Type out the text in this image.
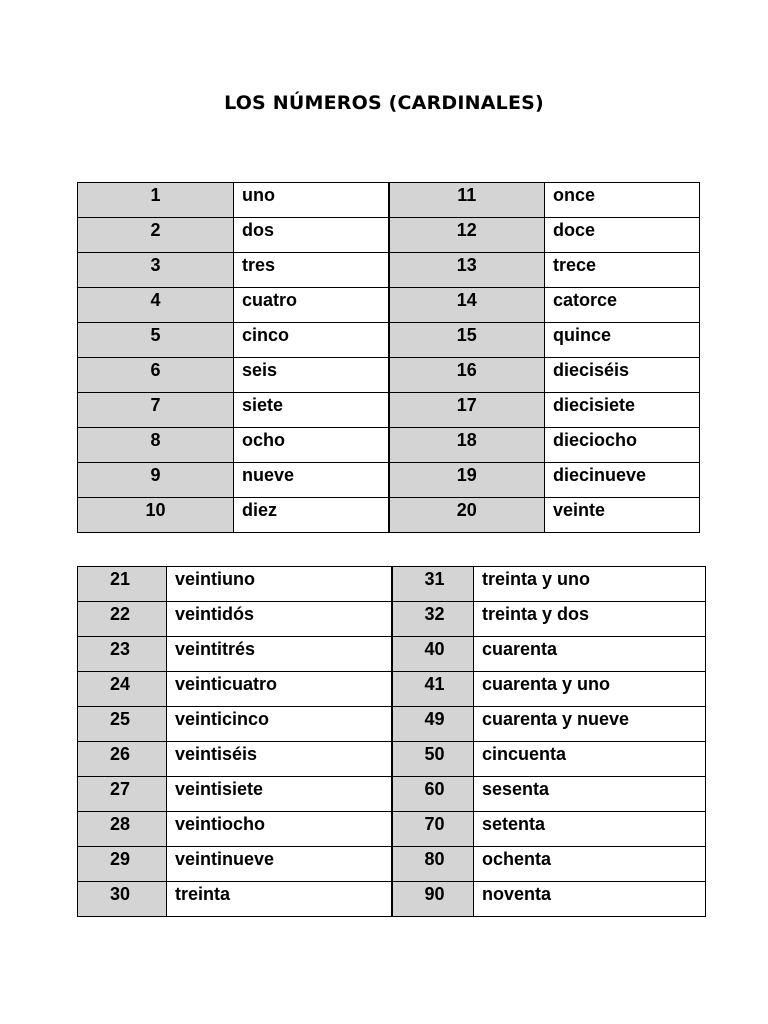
LOS NÚMEROS (CARDINALES)
1	uno	11	once
2	dos	12	doce
3	tres	13	trece
4	cuatro	14	catorce
5	cinco	15	quince
6	seis	16	dieciséis
7	siete	17	diecisiete
8	ocho	18	dieciocho
9	nueve	19	diecinueve
10	diez	20	veinte
21	veintiuno	31	treinta y uno
22	veintidós	32	treinta y dos
23	veintitrés	40	cuarenta
24	veinticuatro	41	cuarenta y uno
25	veinticinco	49	cuarenta y nueve
26	veintiséis	50	cincuenta
27	veintisiete	60	sesenta
28	veintiocho	70	setenta
29	veintinueve	80	ochenta
30	treinta	90	noventa
